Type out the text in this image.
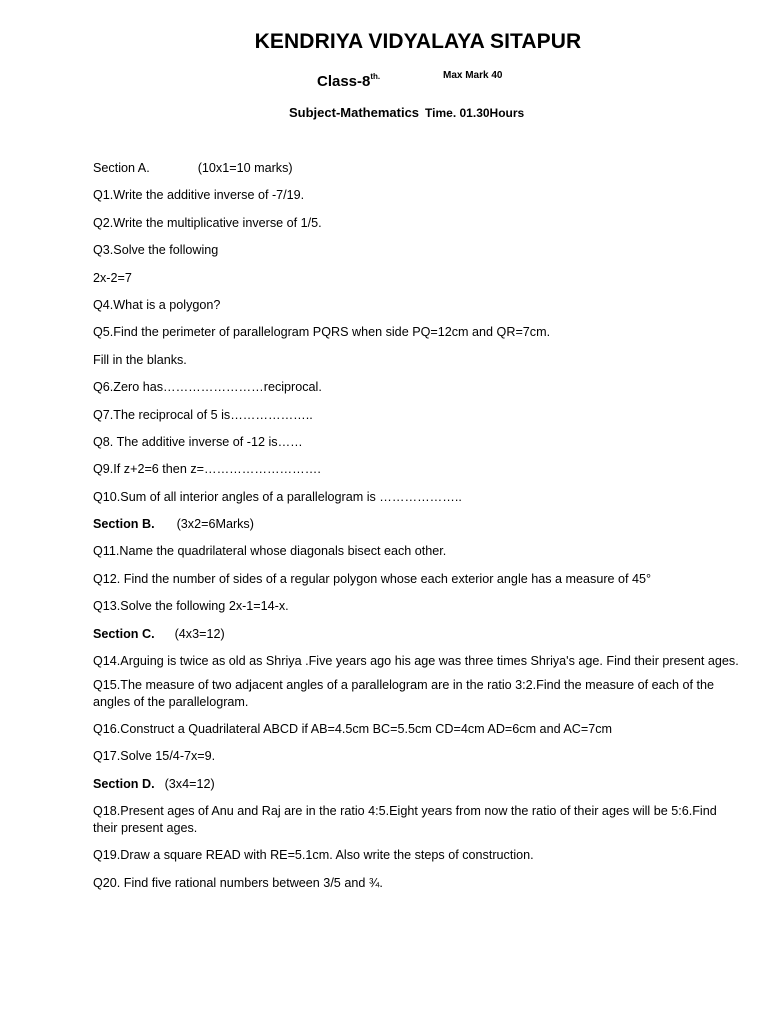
KENDRIYA VIDYALAYA SITAPUR
Class-$8^{th.}$	Max Mark 40
Subject-Mathematics Time. 01.30Hours
Section A.	(10x1=10 marks)
Q1.Write the additive inverse of -7/19.
Q2.Write the multiplicative inverse of 1/5.
Q3.Solve the following
2x-2=7
Q4.What is a polygon?
Q5.Find the perimeter of parallelogram PQRS when side PQ=12cm and QR=7cm.
Fill in the blanks.
Q6.Zero has……………………reciprocal.
Q7.The reciprocal of 5 is………………..
Q8. The additive inverse of -12 is……
Q9.If z+2=6 then z=……………………….
Q10.Sum of all interior angles of a parallelogram is ………………..
Section B. (3x2=6Marks)
Q11.Name the quadrilateral whose diagonals bisect each other.
Q12. Find the number of sides of a regular polygon whose each exterior angle has a measure of 45°
Q13.Solve the following 2x-1=14-x.
Section C. (4x3=12)
Q14.Arguing is twice as old as Shriya .Five years ago his age was three times Shriya's age. Find their present ages.
Q15.The measure of two adjacent angles of a parallelogram are in the ratio 3:2.Find the measure of each of the
angles of the parallelogram.
Q16.Construct a Quadrilateral ABCD if AB=4.5cm BC=5.5cm CD=4cm AD=6cm and AC=7cm
Q17.Solve 15/4-7x=9.
Section D. (3x4=12)
Q18.Present ages of Anu and Raj are in the ratio 4:5.Eight years from now the ratio of their ages will be 5:6.Find
their present ages.
Q19.Draw a square READ with RE=5.1cm. Also write the steps of construction.
Q20. Find five rational numbers between 3/5 and ¾.
